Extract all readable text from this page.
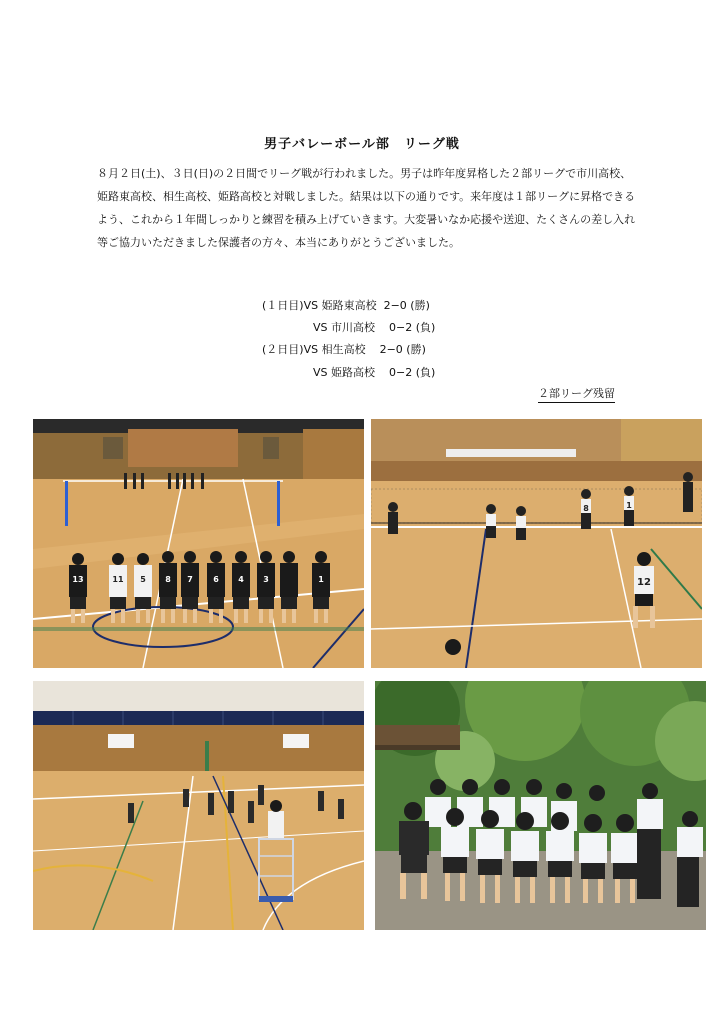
男子バレーボール部　リーグ戦

８月２日(土)、３日(日)の２日間でリーグ戦が行われました。男子は昨年度昇格した２部リーグで市川高校、姫路東高校、相生高校、姫路高校と対戦しました。結果は以下の通りです。来年度は１部リーグに昇格できるよう、これから１年間しっかりと練習を積み上げていきます。大変暑いなか応援や送迎、たくさんの差し入れ等ご協力いただきました保護者の方々、本当にありがとうございました。

(１日目)VS 姫路東高校  2−0 (勝)
VS 市川高校    0−2 (負)
(２日目)VS 相生高校    2−0 (勝)
VS 姫路高校    0−2 (負)
２部リーグ残留
13	11 5 8 7	6 4 3	1
8
12
1
